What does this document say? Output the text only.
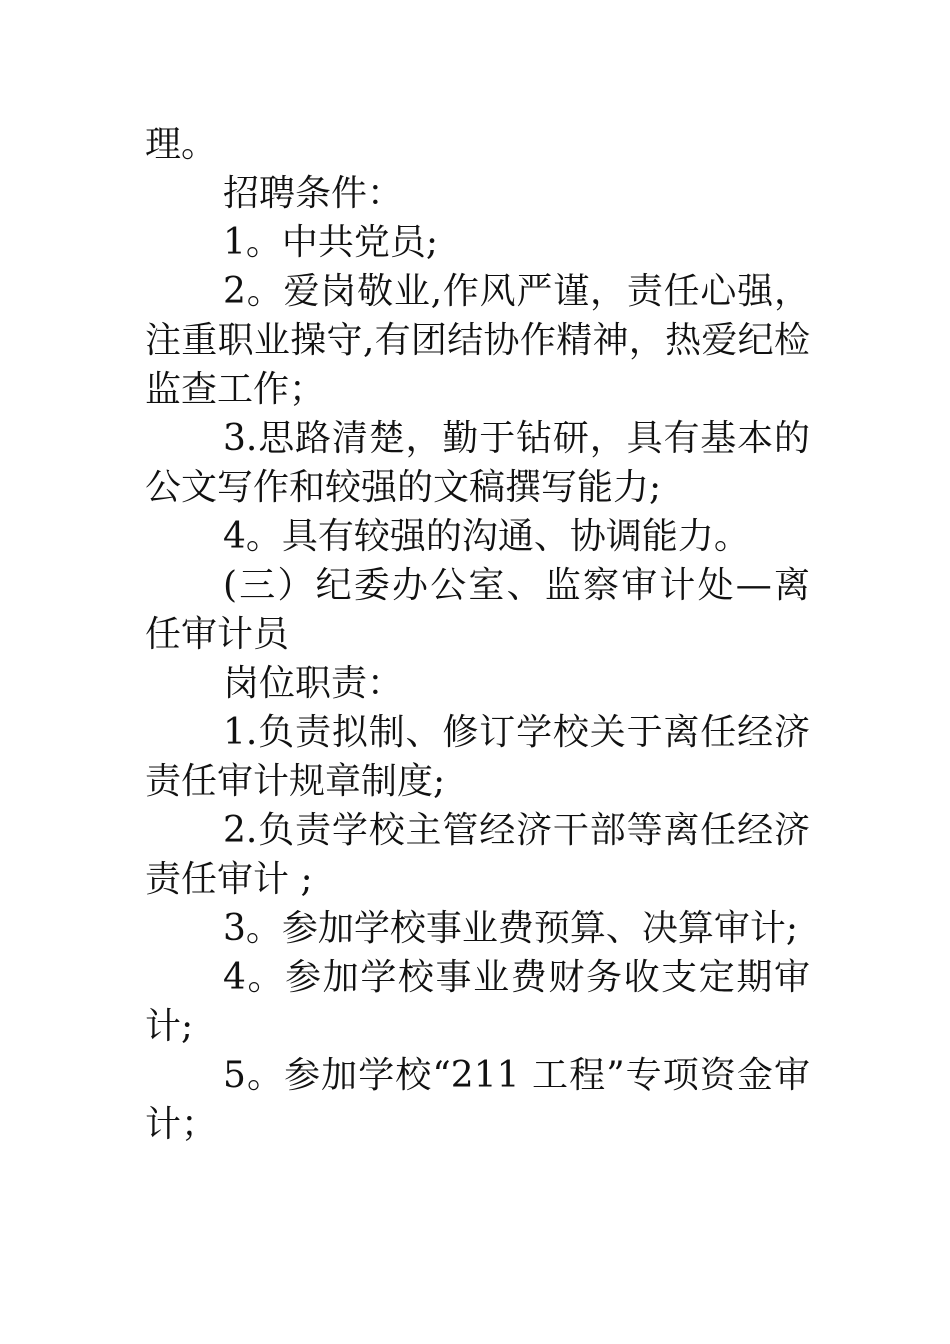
理。

招聘条件：

1。中共党员;

2。爱岗敬业,作风严谨，责任心强，注重职业操守,有团结协作精神，热爱纪检监查工作；

3.思路清楚，勤于钻研，具有基本的公文写作和较强的文稿撰写能力;

4。具有较强的沟通、协调能力。

(三）纪委办公室、监察审计处—离任审计员

岗位职责：

1.负责拟制、修订学校关于离任经济责任审计规章制度;

2.负责学校主管经济干部等离任经济责任审计 ;

3。参加学校事业费预算、决算审计;

4。参加学校事业费财务收支定期审计;

5。参加学校“211 工程”专项资金审计；
